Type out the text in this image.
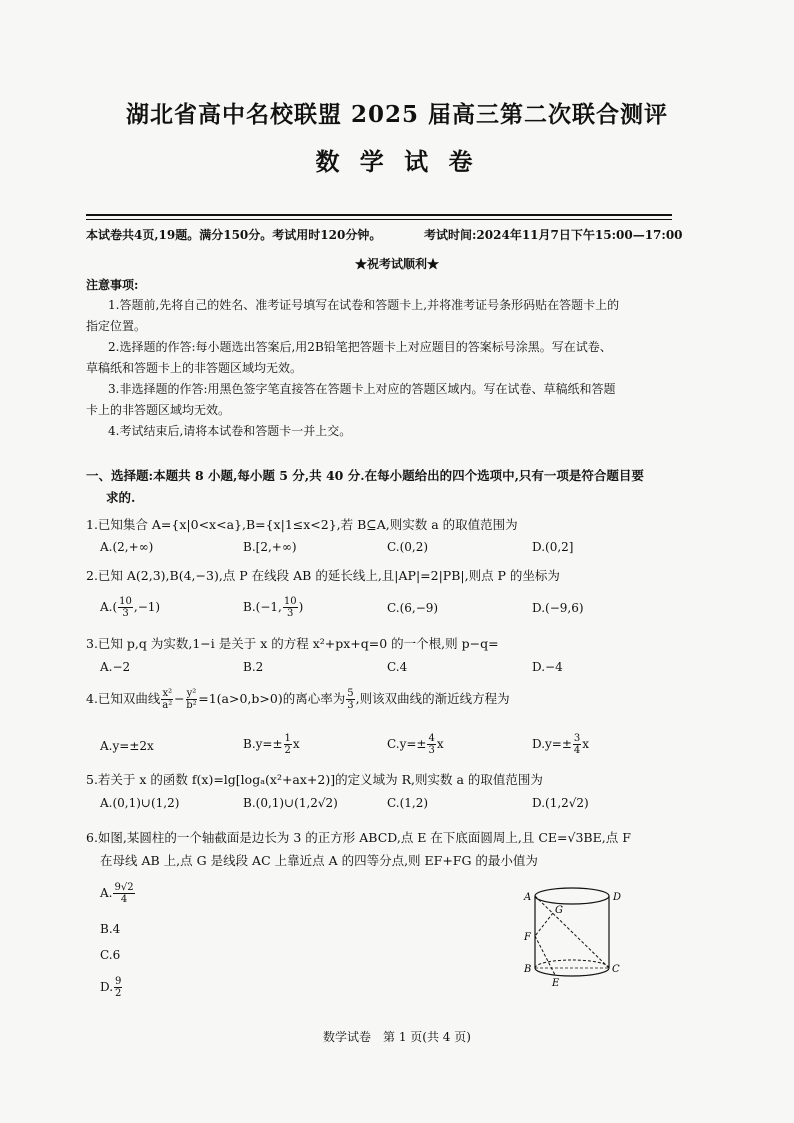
湖北省高中名校联盟 2025 届高三第二次联合测评
数 学 试 卷
本试卷共4页,19题。满分150分。考试用时120分钟。	考试时间:2024年11月7日下午15:00—17:00
★祝考试顺利★
注意事项:
1.答题前,先将自己的姓名、准考证号填写在试卷和答题卡上,并将准考证号条形码贴在答题卡上的
指定位置。
2.选择题的作答:每小题选出答案后,用2B铅笔把答题卡上对应题目的答案标号涂黑。写在试卷、
草稿纸和答题卡上的非答题区域均无效。
3.非选择题的作答:用黑色签字笔直接答在答题卡上对应的答题区域内。写在试卷、草稿纸和答题
卡上的非答题区域均无效。
4.考试结束后,请将本试卷和答题卡一并上交。
一、选择题:本题共 8 小题,每小题 5 分,共 40 分.在每小题给出的四个选项中,只有一项是符合题目要
求的.
1.已知集合 A={x|0<x<a},B={x|1≤x<2},若 B⊆A,则实数 a 的取值范围为
A.(2,+∞)	B.[2,+∞)	C.(0,2)	D.(0,2]
2.已知 A(2,3),B(4,−3),点 P 在线段 AB 的延长线上,且|AP|=2|PB|,则点 P 的坐标为
$A.( \frac{10}{3} ,-1)$	B.(−1, $\frac{10}{3}$ )	C.(6,−9)	D.(−9,6)
3.已知 p,q 为实数,1−i 是关于 x 的方程 x²+px+q=0 的一个根,则 p−q=
A.−2	B.2	C.4	D.−4
4.已知双曲线 $\frac{\text{x²}}{\text{a²}} - \frac{\text{y²}}{\text{b²}} =1(a>0,b>0)$的离心率为 $\frac{5}{3}$ ,则该双曲线的渐近线方程为
A.y=±2x	$B.y=\pm \frac{1}{2}$ x	$C.y=\pm \frac{4}{3}$ x	$D.y=\pm \frac{3}{4}$ x
5.若关于 x 的函数 f(x)=lg[logₐ(x²+ax+2)]的定义域为 R,则实数 a 的取值范围为
A.(0,1)∪(1,2)	B.(0,1)∪(1,2√2)	C.(1,2)	D.(1,2√2)
6.如图,某圆柱的一个轴截面是边长为 3 的正方形 ABCD,点 E 在下底面圆周上,且 CE=√3BE,点 F
在母线 AB 上,点 G 是线段 AC 上靠近点 A 的四等分点,则 EF+FG 的最小值为
A. $\frac{9√2}{4}$
B.4
C.6
D. $\frac{9}{2}$
A	D
G
F
B	C
E
数学试卷　第 1 页(共 4 页)
